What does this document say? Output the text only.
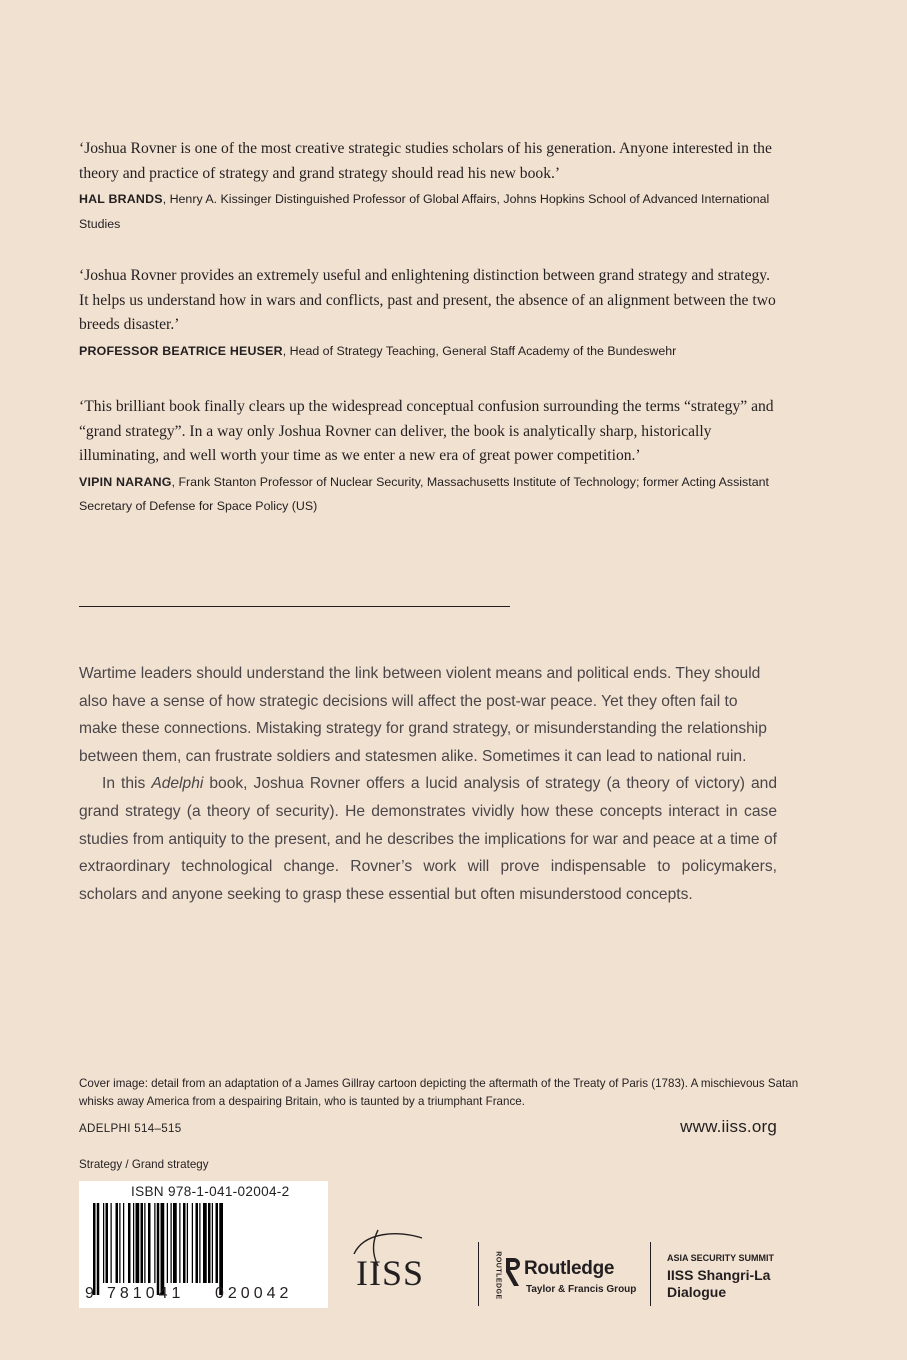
‘Joshua Rovner is one of the most creative strategic studies scholars of his generation. Anyone interested in the theory and practice of strategy and grand strategy should read his new book.’

HAL BRANDS, Henry A. Kissinger Distinguished Professor of Global Affairs, Johns Hopkins School of Advanced International Studies

‘Joshua Rovner provides an extremely useful and enlightening distinction between grand strategy and strategy. It helps us understand how in wars and conflicts, past and present, the absence of an alignment between the two breeds disaster.’

PROFESSOR BEATRICE HEUSER, Head of Strategy Teaching, General Staff Academy of the Bundeswehr

‘This brilliant book finally clears up the widespread conceptual confusion surrounding the terms “strategy” and “grand strategy”. In a way only Joshua Rovner can deliver, the book is analytically sharp, historically illuminating, and well worth your time as we enter a new era of great power competition.’

VIPIN NARANG, Frank Stanton Professor of Nuclear Security, Massachusetts Institute of Technology; former Acting Assistant Secretary of Defense for Space Policy (US)

Wartime leaders should understand the link between violent means and political ends. They should also have a sense of how strategic decisions will affect the post-war peace. Yet they often fail to make these connections. Mistaking strategy for grand strategy, or misunderstanding the relationship between them, can frustrate soldiers and statesmen alike. Sometimes it can lead to national ruin.

In this Adelphi book, Joshua Rovner offers a lucid analysis of strategy (a theory of victory) and grand strategy (a theory of security). He demonstrates vividly how these concepts interact in case studies from antiquity to the present, and he describes the implications for war and peace at a time of extraordinary technological change. Rovner’s work will prove indispensable to policymakers, scholars and anyone seeking to grasp these essential but often misunderstood concepts.

Cover image: detail from an adaptation of a James Gillray cartoon depicting the aftermath of the Treaty of Paris (1783). A mischievous Satan whisks away America from a despairing Britain, who is taunted by a triumphant France.
ADELPHI 514–515	www.iiss.org
Strategy / Grand strategy
ISBN 978-1-041-02004-2
9 781041 020042
IISS	ROUTLEDGE Routledge
Taylor & Francis Group
ASIA SECURITY SUMMIT
IISS Shangri-La
Dialogue
